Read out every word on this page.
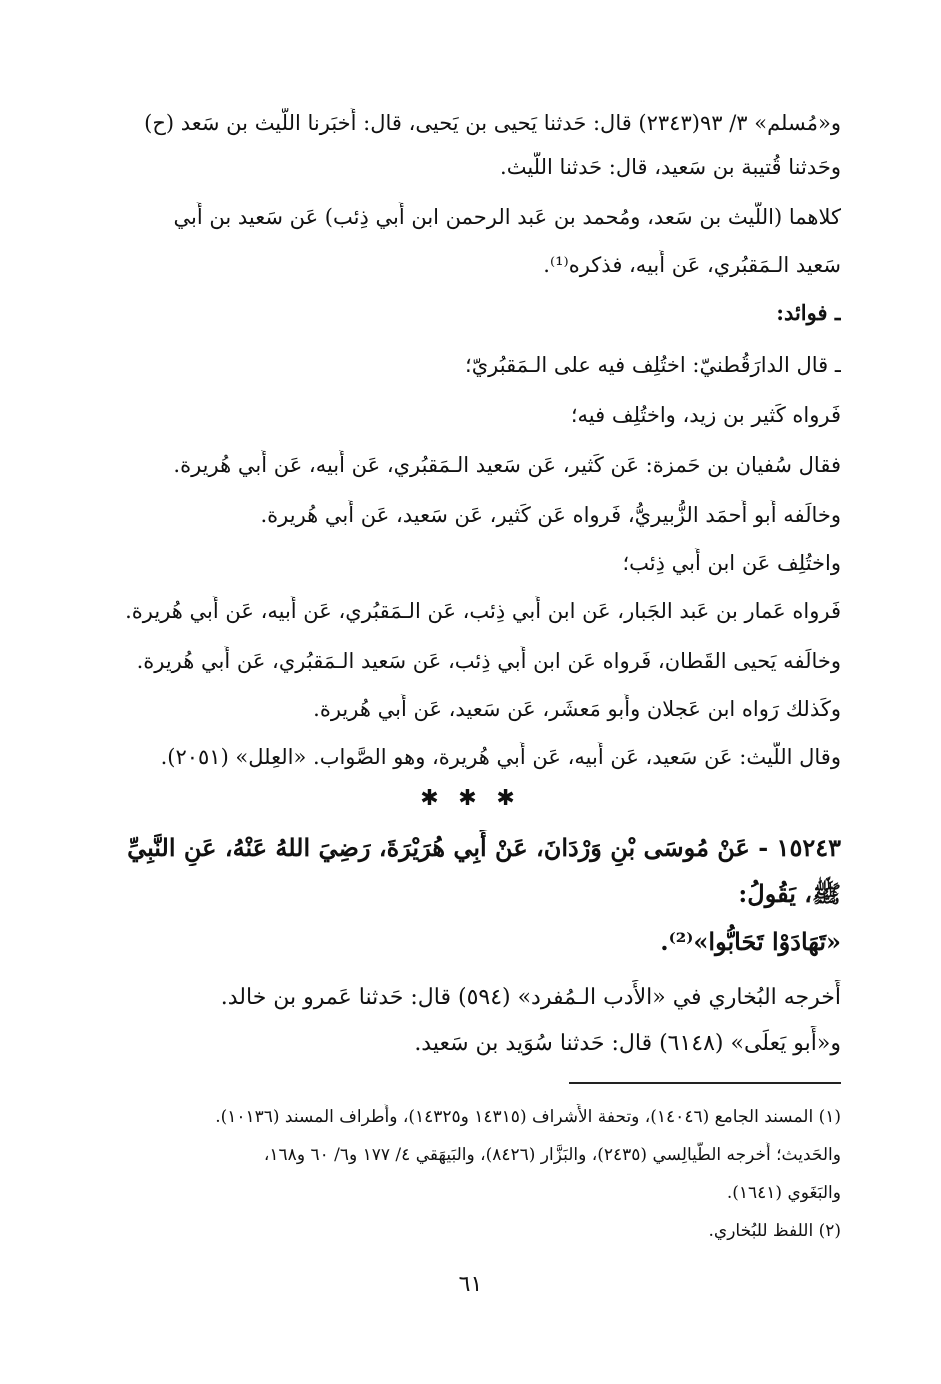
و«مُسلم» ٣/ ٩٣(٢٣٤٣) قال: حَدثنا يَحيى بن يَحيى، قال: أَخبَرنا اللَّيث بن سَعد (ح)
وحَدثنا قُتيبة بن سَعيد، قال: حَدثنا اللَّيث.
كلاهما (اللَّيث بن سَعد، ومُحمد بن عَبد الرحمن ابن أَبي ذِئب) عَن سَعيد بن أَبي
سَعيد الـمَقبُري، عَن أَبيه، فذكره⁽¹⁾.
ـ فوائد:
ـ قال الدارَقُطنيّ: اختُلِف فيه على الـمَقبُريّ؛
فَرواه كَثير بن زيد، واختُلِف فيه؛
فقال سُفيان بن حَمزة: عَن كَثير، عَن سَعيد الـمَقبُري، عَن أَبيه، عَن أَبي هُريرة.
وخالَفه أَبو أَحمَد الزُّبيريُّ، فَرواه عَن كَثير، عَن سَعيد، عَن أَبي هُريرة.
واختُلِف عَن ابن أَبي ذِئب؛
فَرواه عَمار بن عَبد الجَبار، عَن ابن أَبي ذِئب، عَن الـمَقبُري، عَن أَبيه، عَن أَبي هُريرة.
وخالَفه يَحيى القَطان، فَرواه عَن ابن أَبي ذِئب، عَن سَعيد الـمَقبُري، عَن أَبي هُريرة.
وكَذلك رَواه ابن عَجلان وأَبو مَعشَر، عَن سَعيد، عَن أَبي هُريرة.
وقال اللَّيث: عَن سَعيد، عَن أَبيه، عَن أَبي هُريرة، وهو الصَّواب. «العِلل» (٢٠٥١).
✱ ✱ ✱
١٥٢٤٣ - عَنْ مُوسَى بْنِ وَرْدَانَ، عَنْ أَبِي هُرَيْرَةَ، رَضِيَ اللهُ عَنْهُ، عَنِ النَّبِيِّ
ﷺ، يَقُولُ:
«تَهَادَوْا تَحَابُّوا»⁽²⁾.
أَخرجه البُخاري في «الأَدب الـمُفرد» (٥٩٤) قال: حَدثنا عَمرو بن خالد.
و«أَبو يَعلَى» (٦١٤٨) قال: حَدثنا سُوَيد بن سَعيد.
(١) المسند الجامع (١٤٠٤٦)، وتحفة الأَشراف (١٤٣١٥ و١٤٣٢٥)، وأَطراف المسند (١٠١٣٦).
والحَديث؛ أَخرجه الطَّيالِسي (٢٤٣٥)، والبَزَّار (٨٤٢٦)، والبَيهَقي ٤/ ١٧٧ و٦/ ٦٠ و١٦٨،
والبَغَوي (١٦٤١).
(٢) اللفظ للبُخاري.
٦١
